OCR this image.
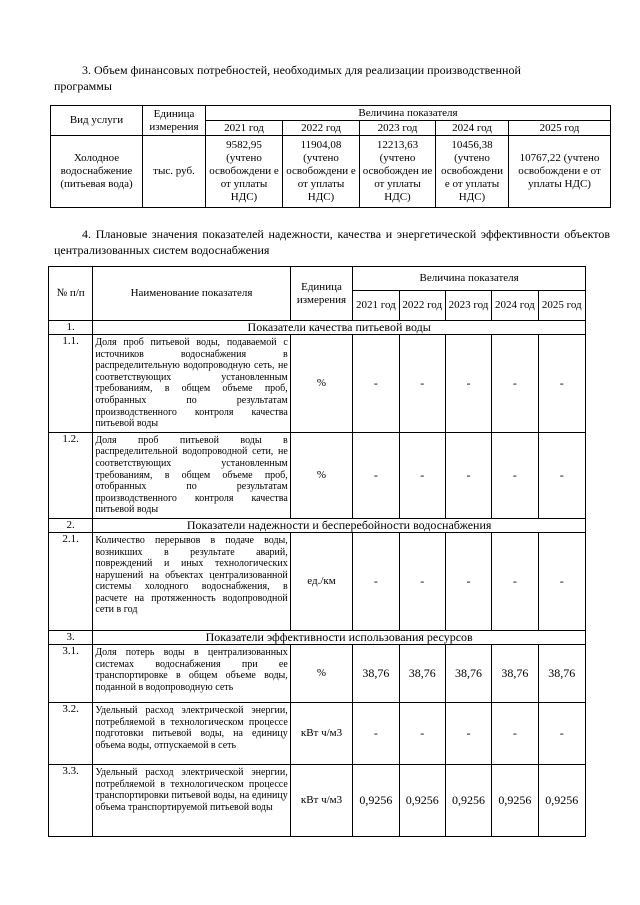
3. Объем финансовых потребностей, необходимых для реализации производственной
программы
Вид услуги	Единица измерения	Величина показателя				
		2021 год	2022 год	2023 год	2024 год	2025 год
Холодное водоснабжение (питьевая вода)	тыс. руб.	9582,95 (учтено освобождени е от уплаты НДС)	11904,08 (учтено освобождени е от уплаты НДС)	12213,63 (учтено освобожден ие от уплаты НДС)	10456,38 (учтено освобождени е от уплаты НДС)	10767,22 (учтено освобождени е от уплаты НДС)
4. Плановые значения показателей надежности, качества и энергетической эффективности объектов централизованных систем водоснабжения
№ п/п	Наименование показателя	Единица измерения	Величина показателя				
			2021 год	2022 год	2023 год	2024 год	2025 год
1.	Показатели качества питьевой воды						
1.1.	Доля проб питьевой воды, подаваемой с источников водоснабжения в распределительную водопроводную сеть, не соответствующих установленным требованиям, в общем объеме проб, отобранных по результатам производственного контроля качества питьевой воды	%	-	-	-	-	-
1.2.	Доля проб питьевой воды в распределительной водопроводной сети, не соответствующих установленным требованиям, в общем объеме проб, отобранных по результатам производственного контроля качества питьевой воды	%	-	-	-	-	-
2.	Показатели надежности и бесперебойности водоснабжения						
2.1.	Количество перерывов в подаче воды, возникших в результате аварий, повреждений и иных технологических нарушений на объектах централизованной системы холодного водоснабжения, в расчете на протяженность водопроводной сети в год	ед./км	-	-	-	-	-
3.	Показатели эффективности использования ресурсов						
3.1.	Доля потерь воды в централизованных системах водоснабжения при ее транспортировке в общем объеме воды, поданной в водопроводную сеть	%	38,76	38,76	38,76	38,76	38,76
3.2.	Удельный расход электрической энергии, потребляемой в технологическом процессе подготовки питьевой воды, на единицу объема воды, отпускаемой в сеть	кВт ч/м3	-	-	-	-	-
3.3.	Удельный расход электрической энергии, потребляемой в технологическом процессе транспортировки питьевой воды, на единицу объема транспортируемой питьевой воды	кВт ч/м3	0,9256	0,9256	0,9256	0,9256	0,9256
